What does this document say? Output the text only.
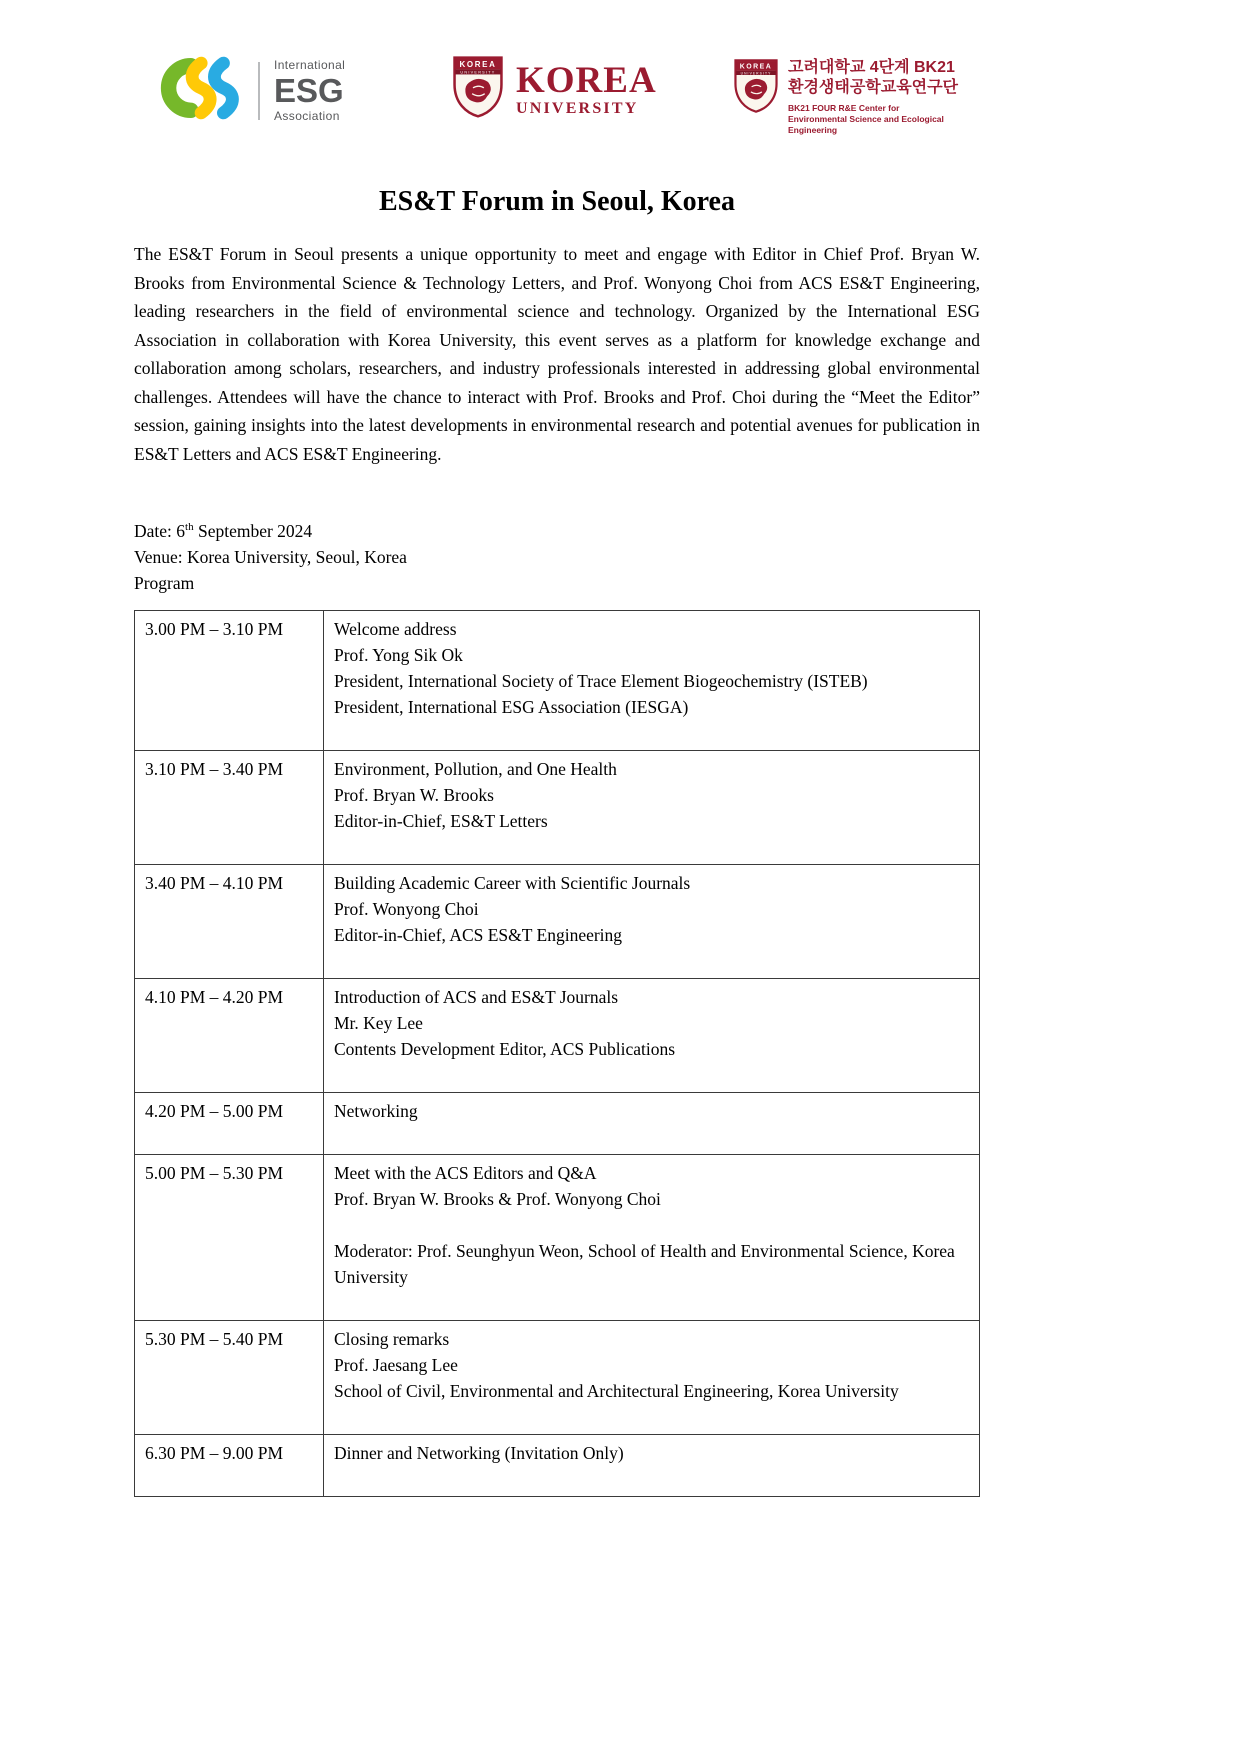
International
ESG
Association
KOREA
UNIVERSITY KOREA
UNIVERSITY
KOREA
UNIVERSITY 고려대학교 4단계 BK21
환경생태공학교육연구단
BK21 FOUR R&E Center for
Environmental Science and Ecological Engineering
ES&T Forum in Seoul, Korea

The ES&T Forum in Seoul presents a unique opportunity to meet and engage with Editor in Chief Prof. Bryan W. Brooks from Environmental Science & Technology Letters, and Prof. Wonyong Choi from ACS ES&T Engineering, leading researchers in the field of environmental science and technology. Organized by the International ESG Association in collaboration with Korea University, this event serves as a platform for knowledge exchange and collaboration among scholars, researchers, and industry professionals interested in addressing global environmental challenges. Attendees will have the chance to interact with Prof. Brooks and Prof. Choi during the “Meet the Editor” session, gaining insights into the latest developments in environmental research and potential avenues for publication in ES&T Letters and ACS ES&T Engineering.

Date: 6th September 2024
Venue: Korea University, Seoul, Korea
Program
3.00 PM – 3.10 PM	Welcome address
Prof. Yong Sik Ok
President, International Society of Trace Element Biogeochemistry (ISTEB)
President, International ESG Association (IESGA)

3.10 PM – 3.40 PM	Environment, Pollution, and One Health
Prof. Bryan W. Brooks
Editor-in-Chief, ES&T Letters

3.40 PM – 4.10 PM	Building Academic Career with Scientific Journals
Prof. Wonyong Choi
Editor-in-Chief, ACS ES&T Engineering

4.10 PM – 4.20 PM	Introduction of ACS and ES&T Journals
Mr. Key Lee
Contents Development Editor, ACS Publications

4.20 PM – 5.00 PM	Networking

5.00 PM – 5.30 PM	Meet with the ACS Editors and Q&A
Prof. Bryan W. Brooks & Prof. Wonyong Choi

Moderator: Prof. Seunghyun Weon, School of Health and Environmental Science, Korea University

5.30 PM – 5.40 PM	Closing remarks
Prof. Jaesang Lee
School of Civil, Environmental and Architectural Engineering, Korea University

6.30 PM – 9.00 PM	Dinner and Networking (Invitation Only)
